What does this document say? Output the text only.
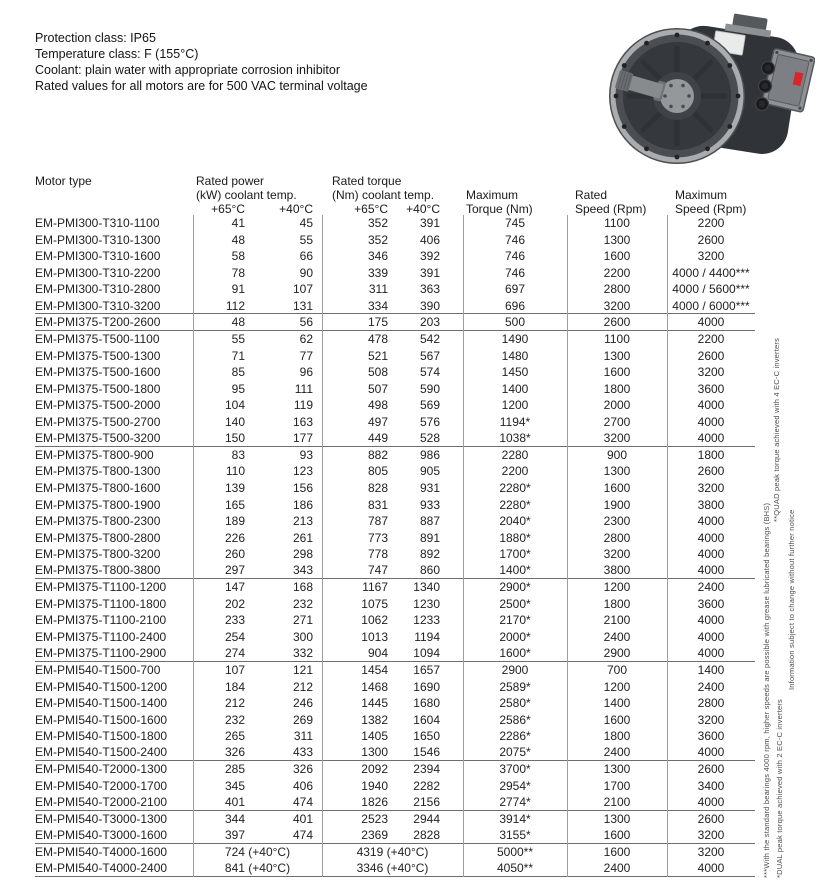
Protection class: IP65
Temperature class: F (155°C)
Coolant: plain water with appropriate corrosion inhibitor
Rated values for all motors are for 500 VAC terminal voltage
Motor type	Rated power	Rated torque
(kW) coolant temp.	(Nm) coolant temp.	Maximum	Rated	Maximum
+65°C	+40°C	+65°C	+40°C	Torque (Nm)	Speed (Rpm)	Speed (Rpm)
EM-PMI300-T310-1100	41	45	352	391	745	1100	2200
EM-PMI300-T310-1300	48	55	352	406	746	1300	2600
EM-PMI300-T310-1600	58	66	346	392	746	1600	3200
EM-PMI300-T310-2200	78	90	339	391	746	2200	4000 / 4400***
EM-PMI300-T310-2800	91	107	311	363	697	2800	4000 / 5600***
EM-PMI300-T310-3200	112	131	334	390	696	3200	4000 / 6000***
EM-PMI375-T200-2600	48	56	175	203	500	2600	4000
EM-PMI375-T500-1100	55	62	478	542	1490	1100	2200
EM-PMI375-T500-1300	71	77	521	567	1480	1300	2600
EM-PMI375-T500-1600	85	96	508	574	1450	1600	3200
EM-PMI375-T500-1800	95	111	507	590	1400	1800	3600
EM-PMI375-T500-2000	104	119	498	569	1200	2000	4000
EM-PMI375-T500-2700	140	163	497	576	1194*	2700	4000
EM-PMI375-T500-3200	150	177	449	528	1038*	3200	4000
EM-PMI375-T800-900	83	93	882	986	2280	900	1800
EM-PMI375-T800-1300	110	123	805	905	2200	1300	2600
EM-PMI375-T800-1600	139	156	828	931	2280*	1600	3200
EM-PMI375-T800-1900	165	186	831	933	2280*	1900	3800
EM-PMI375-T800-2300	189	213	787	887	2040*	2300	4000
EM-PMI375-T800-2800	226	261	773	891	1880*	2800	4000
EM-PMI375-T800-3200	260	298	778	892	1700*	3200	4000
EM-PMI375-T800-3800	297	343	747	860	1400*	3800	4000
EM-PMI375-T1100-1200	147	168	1167	1340	2900*	1200	2400
EM-PMI375-T1100-1800	202	232	1075	1230	2500*	1800	3600
EM-PMI375-T1100-2100	233	271	1062	1233	2170*	2100	4000
EM-PMI375-T1100-2400	254	300	1013	1194	2000*	2400	4000
EM-PMI375-T1100-2900	274	332	904	1094	1600*	2900	4000
EM-PMI540-T1500-700	107	121	1454	1657	2900	700	1400
EM-PMI540-T1500-1200	184	212	1468	1690	2589*	1200	2400
EM-PMI540-T1500-1400	212	246	1445	1680	2580*	1400	2800
EM-PMI540-T1500-1600	232	269	1382	1604	2586*	1600	3200
EM-PMI540-T1500-1800	265	311	1405	1650	2286*	1800	3600
EM-PMI540-T1500-2400	326	433	1300	1546	2075*	2400	4000
EM-PMI540-T2000-1300	285	326	2092	2394	3700*	1300	2600
EM-PMI540-T2000-1700	345	406	1940	2282	2954*	1700	3400
EM-PMI540-T2000-2100	401	474	1826	2156	2774*	2100	4000
EM-PMI540-T3000-1300	344	401	2523	2944	3914*	1300	2600
EM-PMI540-T3000-1600	397	474	2369	2828	3155*	1600	3200
EM-PMI540-T4000-1600	724 (+40°C)	4319 (+40°C)	5000**	1600	3200
EM-PMI540-T4000-2400	841 (+40°C)	3346 (+40°C)	4050**	2400	4000	***With the standard bearings 4000 rpm, higher speeds are possible with grease lubricated bearings (BHS) *DUAL peak torque achieved with 2 EC-C inverters
**QUAD peak torque achieved with 4 EC-C inverters
Information subject to change without further notice
